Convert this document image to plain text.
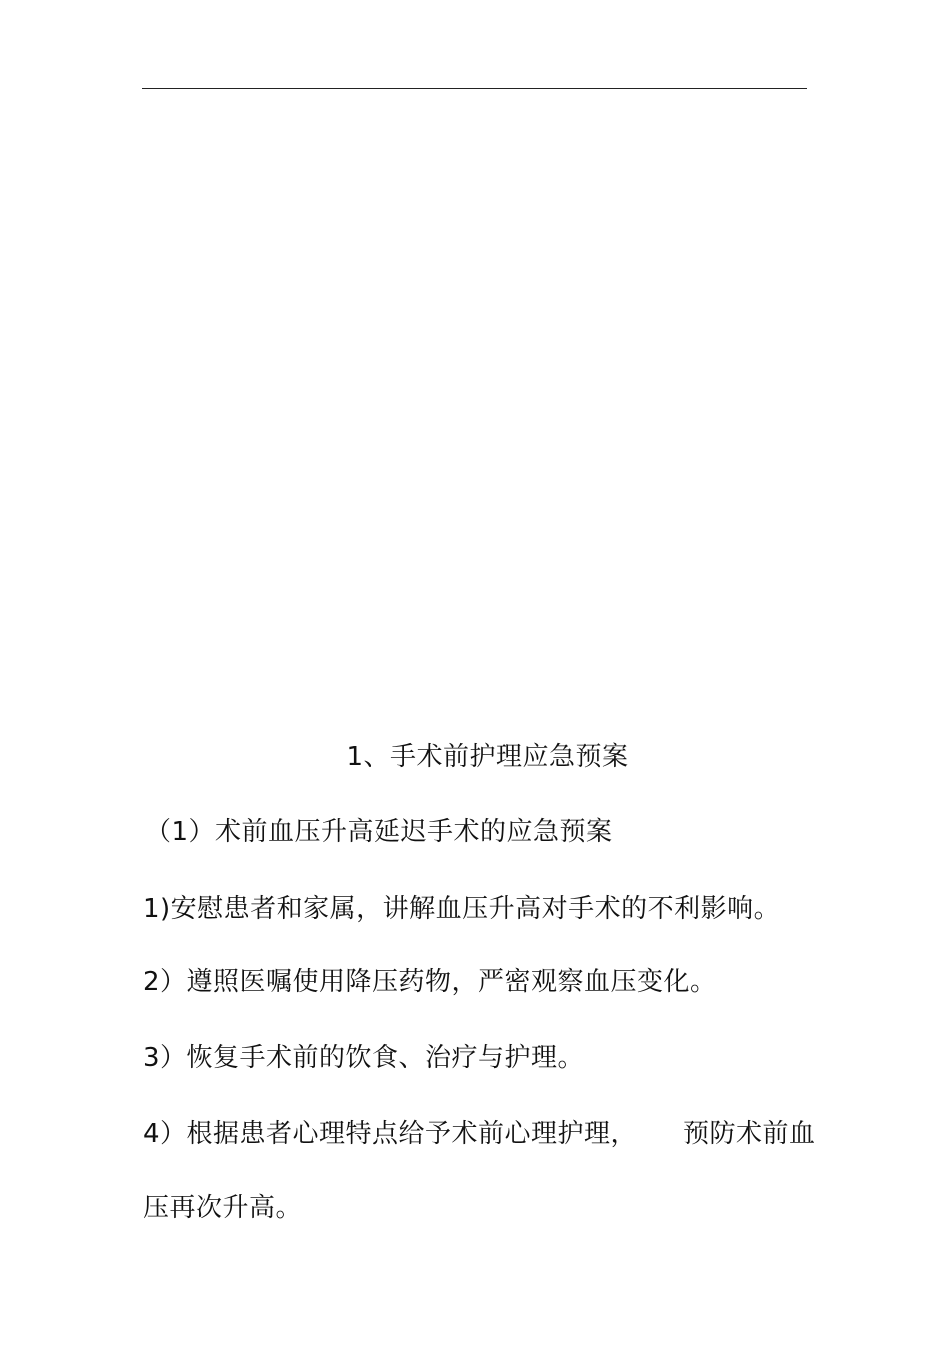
1、手术前护理应急预案
（1）术前血压升高延迟手术的应急预案
1)安慰患者和家属，讲解血压升高对手术的不利影响。
2）遵照医嘱使用降压药物，严密观察血压变化。
3）恢复手术前的饮食、治疗与护理。
4）根据患者心理特点给予术前心理护理， 预防术前血
压再次升高。
